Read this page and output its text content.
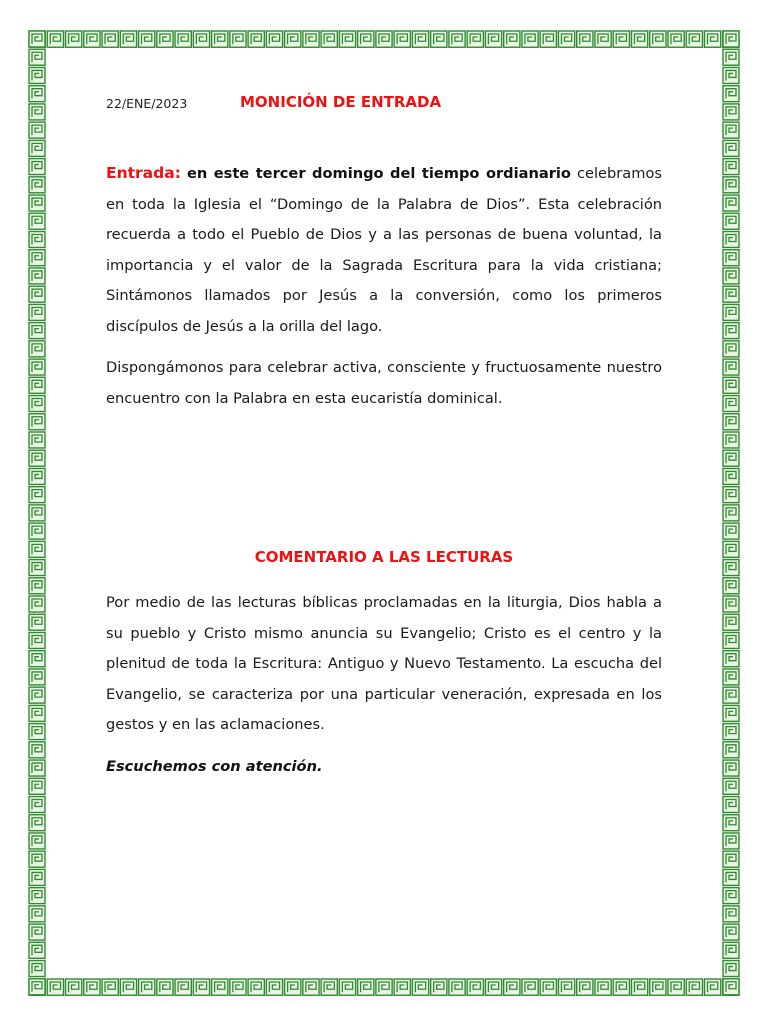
22/ENE/2023	MONICIÓN DE ENTRADA
Entrada: en este tercer domingo del tiempo ordianario celebramos en toda la Iglesia el “Domingo de la Palabra de Dios”. Esta celebración recuerda a todo el Pueblo de Dios y a las personas de buena voluntad, la importancia y el valor de la Sagrada Escritura para la vida cristiana; Sintámonos llamados por Jesús a la conversión, como los primeros discípulos de Jesús a la orilla del lago.
Dispongámonos para celebrar activa, consciente y fructuosamente nuestro encuentro con la Palabra en esta eucaristía dominical.
COMENTARIO A LAS LECTURAS
Por medio de las lecturas bíblicas proclamadas en la liturgia, Dios habla a su pueblo y Cristo mismo anuncia su Evangelio; Cristo es el centro y la plenitud de toda la Escritura: Antiguo y Nuevo Testamento. La escucha del Evangelio, se caracteriza por una particular veneración, expresada en los gestos y en las aclamaciones.
Escuchemos con atención.
